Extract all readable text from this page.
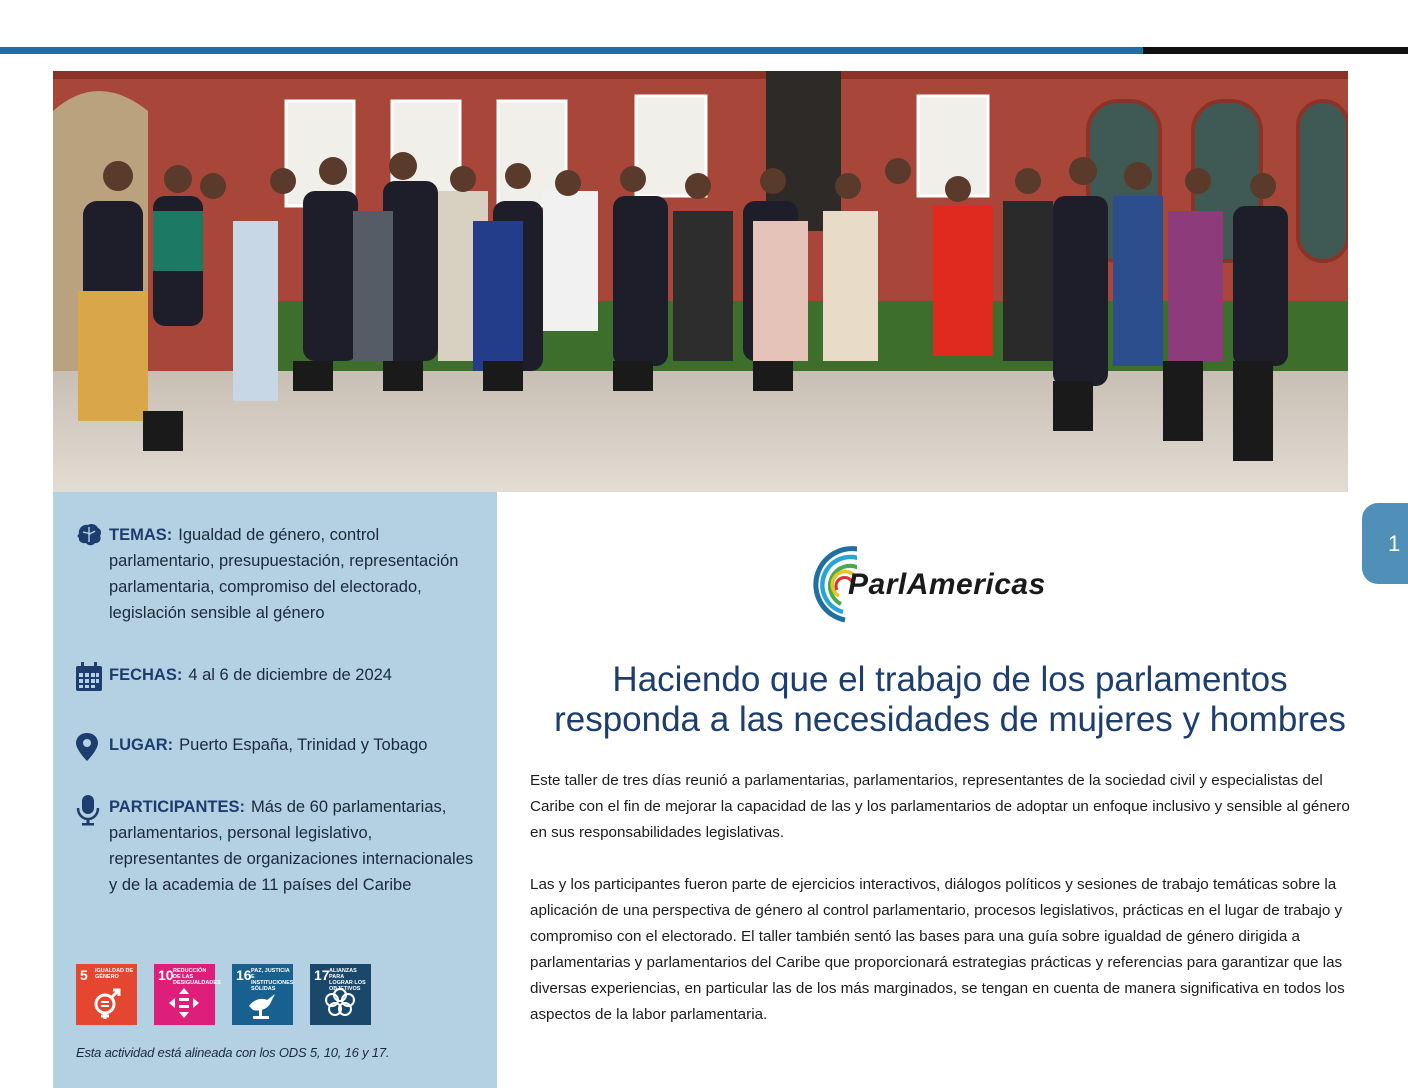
1
TEMAS: Igualdad de género, control parlamentario, presupuestación, representación parlamentaria, compromiso del electorado, legislación sensible al género
FECHAS: 4 al 6 de diciembre de 2024
LUGAR: Puerto España, Trinidad y Tobago
PARTICIPANTES: Más de 60 parlamentarias, parlamentarios, personal legislativo, representantes de organizaciones internacionales y de la academia de 11 países del Caribe
5 IGUALDAD DE GÉNERO	10 REDUCCIÓN DE LAS DESIGUALDADES 16 PAZ, JUSTICIA E INSTITUCIONES SÓLIDAS
17 ALIANZAS PARA LOGRAR LOS OBJETIVOS
Esta actividad está alineada con los ODS 5, 10, 16 y 17.
ParlAmericas
Haciendo que el trabajo de los parlamentos
responda a las necesidades de mujeres y hombres

Este taller de tres días reunió a parlamentarias, parlamentarios, representantes de la sociedad civil y especialistas del Caribe con el fin de mejorar la capacidad de las y los parlamentarios de adoptar un enfoque inclusivo y sensible al género en sus responsabilidades legislativas.

Las y los participantes fueron parte de ejercicios interactivos, diálogos políticos y sesiones de trabajo temáticas sobre la aplicación de una perspectiva de género al control parlamentario, procesos legislativos, prácticas en el lugar de trabajo y compromiso con el electorado. El taller también sentó las bases para una guía sobre igualdad de género dirigida a parlamentarias y parlamentarios del Caribe que proporcionará estrategias prácticas y referencias para garantizar que las diversas experiencias, en particular las de los más marginados, se tengan en cuenta de manera significativa en todos los aspectos de la labor parlamentaria.
